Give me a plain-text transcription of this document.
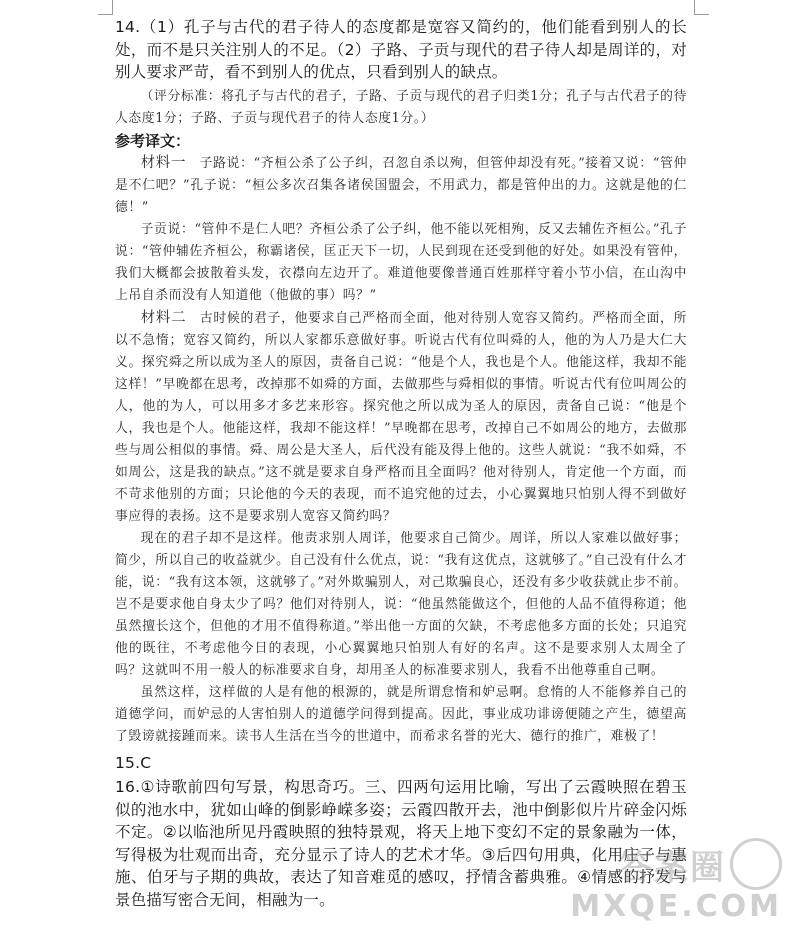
14.（1）孔子与古代的君子待人的态度都是宽容又简约的，他们能看到别人的长处，而不是只关注别人的不足。（2）子路、子贡与现代的君子待人却是周详的，对别人要求严苛，看不到别人的优点，只看到别人的缺点。

（评分标准：将孔子与古代的君子，子路、子贡与现代的君子归类1分；孔子与古代君子的待人态度1分；子路、子贡与现代君子的待人态度1分。）

参考译文：

材料一　 子路说：“齐桓公杀了公子纠，召忽自杀以殉，但管仲却没有死。”接着又说：“管仲是不仁吧？”孔子说：“桓公多次召集各诸侯国盟会，不用武力，都是管仲出的力。这就是他的仁德！”

子贡说：“管仲不是仁人吧？齐桓公杀了公子纠，他不能以死相殉，反又去辅佐齐桓公。”孔子说：“管仲辅佐齐桓公，称霸诸侯，匡正天下一切，人民到现在还受到他的好处。如果没有管仲，我们大概都会披散着头发，衣襟向左边开了。难道他要像普通百姓那样守着小节小信，在山沟中上吊自杀而没有人知道他（他做的事）吗？”

材料二　 古时候的君子，他要求自己严格而全面，他对待别人宽容又简约。严格而全面，所以不急惰；宽容又简约，所以人家都乐意做好事。听说古代有位叫舜的人，他的为人乃是大仁大义。探究舜之所以成为圣人的原因，责备自己说：“他是个人，我也是个人。他能这样，我却不能这样！”早晚都在思考，改掉那不如舜的方面，去做那些与舜相似的事情。听说古代有位叫周公的人，他的为人，可以用多才多艺来形容。探究他之所以成为圣人的原因，责备自己说：“他是个人，我也是个人。他能这样，我却不能这样！”早晚都在思考，改掉自己不如周公的地方，去做那些与周公相似的事情。舜、周公是大圣人，后代没有能及得上他的。这些人就说：“我不如舜，不如周公，这是我的缺点。”这不就是要求自身严格而且全面吗？他对待别人，肯定他一个方面，而不苛求他别的方面；只论他的今天的表现，而不追究他的过去，小心翼翼地只怕别人得不到做好事应得的表扬。这不是要求别人宽容又简约吗？

现在的君子却不是这样。他责求别人周详，他要求自己简少。周详，所以人家难以做好事；简少，所以自己的收益就少。自己没有什么优点，说：“我有这优点，这就够了。”自己没有什么才能，说：“我有这本领，这就够了。”对外欺骗别人，对己欺骗良心，还没有多少收获就止步不前。岂不是要求他自身太少了吗？他们对待别人，说：“他虽然能做这个，但他的人品不值得称道；他虽然擅长这个，但他的才用不值得称道。”举出他一方面的欠缺，不考虑他多方面的长处；只追究他的既往，不考虑他今日的表现，小心翼翼地只怕别人有好的名声。这不是要求别人太周全了吗？这就叫不用一般人的标准要求自身，却用圣人的标准要求别人，我看不出他尊重自己啊。

虽然这样，这样做的人是有他的根源的，就是所谓怠惰和妒忌啊。怠惰的人不能修养自己的道德学问，而妒忌的人害怕别人的道德学问得到提高。因此，事业成功诽谤便随之产生，德望高了毁谤就接踵而来。读书人生活在当今的世道中，而希求名誉的光大、德行的推广，难极了！

15.C

16.①诗歌前四句写景，构思奇巧。三、四两句运用比喻，写出了云霞映照在碧玉似的池水中，犹如山峰的倒影峥嵘多姿；云霞四散开去，池中倒影似片片碎金闪烁不定。②以临池所见丹霞映照的独特景观，将天上地下变幻不定的景象融为一体，写得极为壮观而出奇，充分显示了诗人的艺术才华。③后四句用典，化用庄子与惠施、伯牙与子期的典故，表达了知音难觅的感叹，抒情含蓄典雅。④情感的抒发与景色描写密合无间，相融为一。

答案圈
MXQE.COM
